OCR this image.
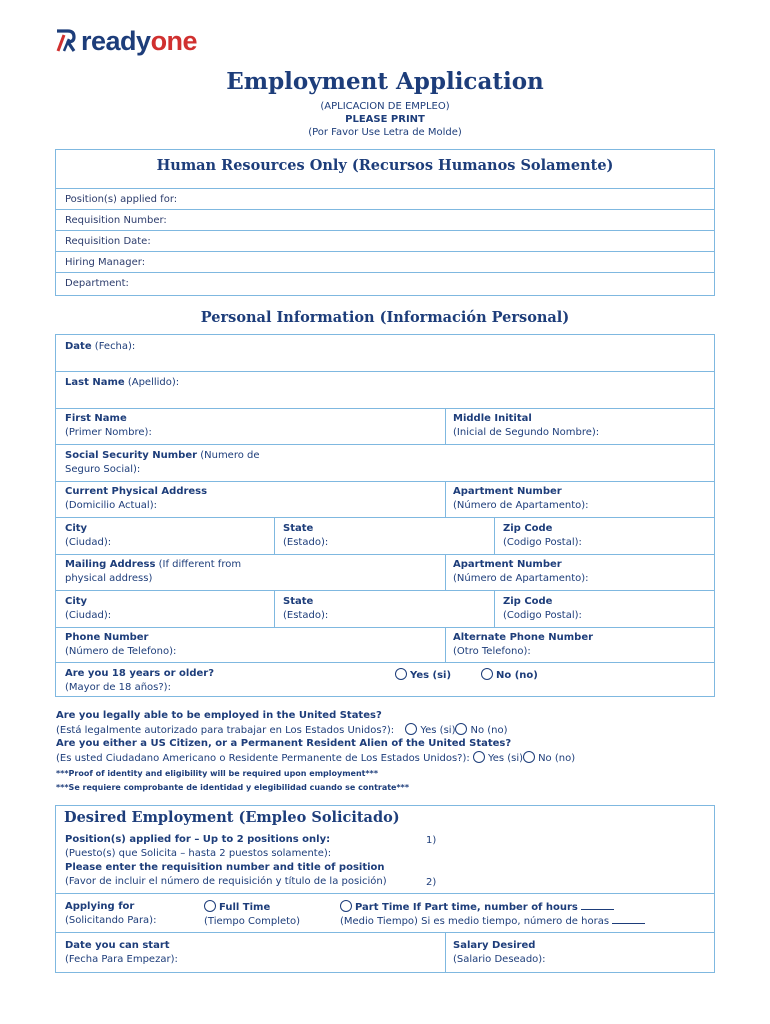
readyone
Employment Application
(APLICACION DE EMPLEO)
PLEASE PRINT
(Por Favor Use Letra de Molde)
Human Resources Only (Recursos Humanos Solamente)
Position(s) applied for:
Requisition Number:
Requisition Date:
Hiring Manager:
Department:
Personal Information (Información Personal)
Date (Fecha):
Last Name (Apellido):
First Name
(Primer Nombre):
Middle Initital
(Inicial de Segundo Nombre):
Social Security Number (Numero de
Seguro Social):
Current Physical Address
(Domicilio Actual):
Apartment Number
(Número de Apartamento):
City
(Ciudad):
State
(Estado):
Zip Code
(Codigo Postal):
Mailing Address (If different from
physical address)
Apartment Number
(Número de Apartamento):
City
(Ciudad):
State
(Estado):
Zip Code
(Codigo Postal):
Phone Number
(Número de Telefono):
Alternate Phone Number
(Otro Telefono):
Are you 18 years or older?
(Mayor de 18 años?):
Yes (si)	No (no)
Are you legally able to be employed in the United States?
(Está legalmente autorizado para trabajar en Los Estados Unidos?):	Yes (si) No (no)
Are you either a US Citizen, or a Permanent Resident Alien of the United States?
(Es usted Ciudadano Americano o Residente Permanente de Los Estados Unidos?): Yes (si) No (no)
***Proof of identity and eligibility will be required upon employment***
***Se requiere comprobante de identidad y elegibilidad cuando se contrate***
Desired Employment (Empleo Solicitado)
Position(s) applied for – Up to 2 positions only:
(Puesto(s) que Solicita – hasta 2 puestos solamente):
Please enter the requisition number and title of position
(Favor de incluir el número de requisición y título de la posición)
1)
2)
Applying for
(Solicitando Para):
Full Time
(Tiempo Completo)
Part Time If Part time, number of hours
(Medio Tiempo) Si es medio tiempo, número de horas
Date you can start
(Fecha Para Empezar):
Salary Desired
(Salario Deseado):
